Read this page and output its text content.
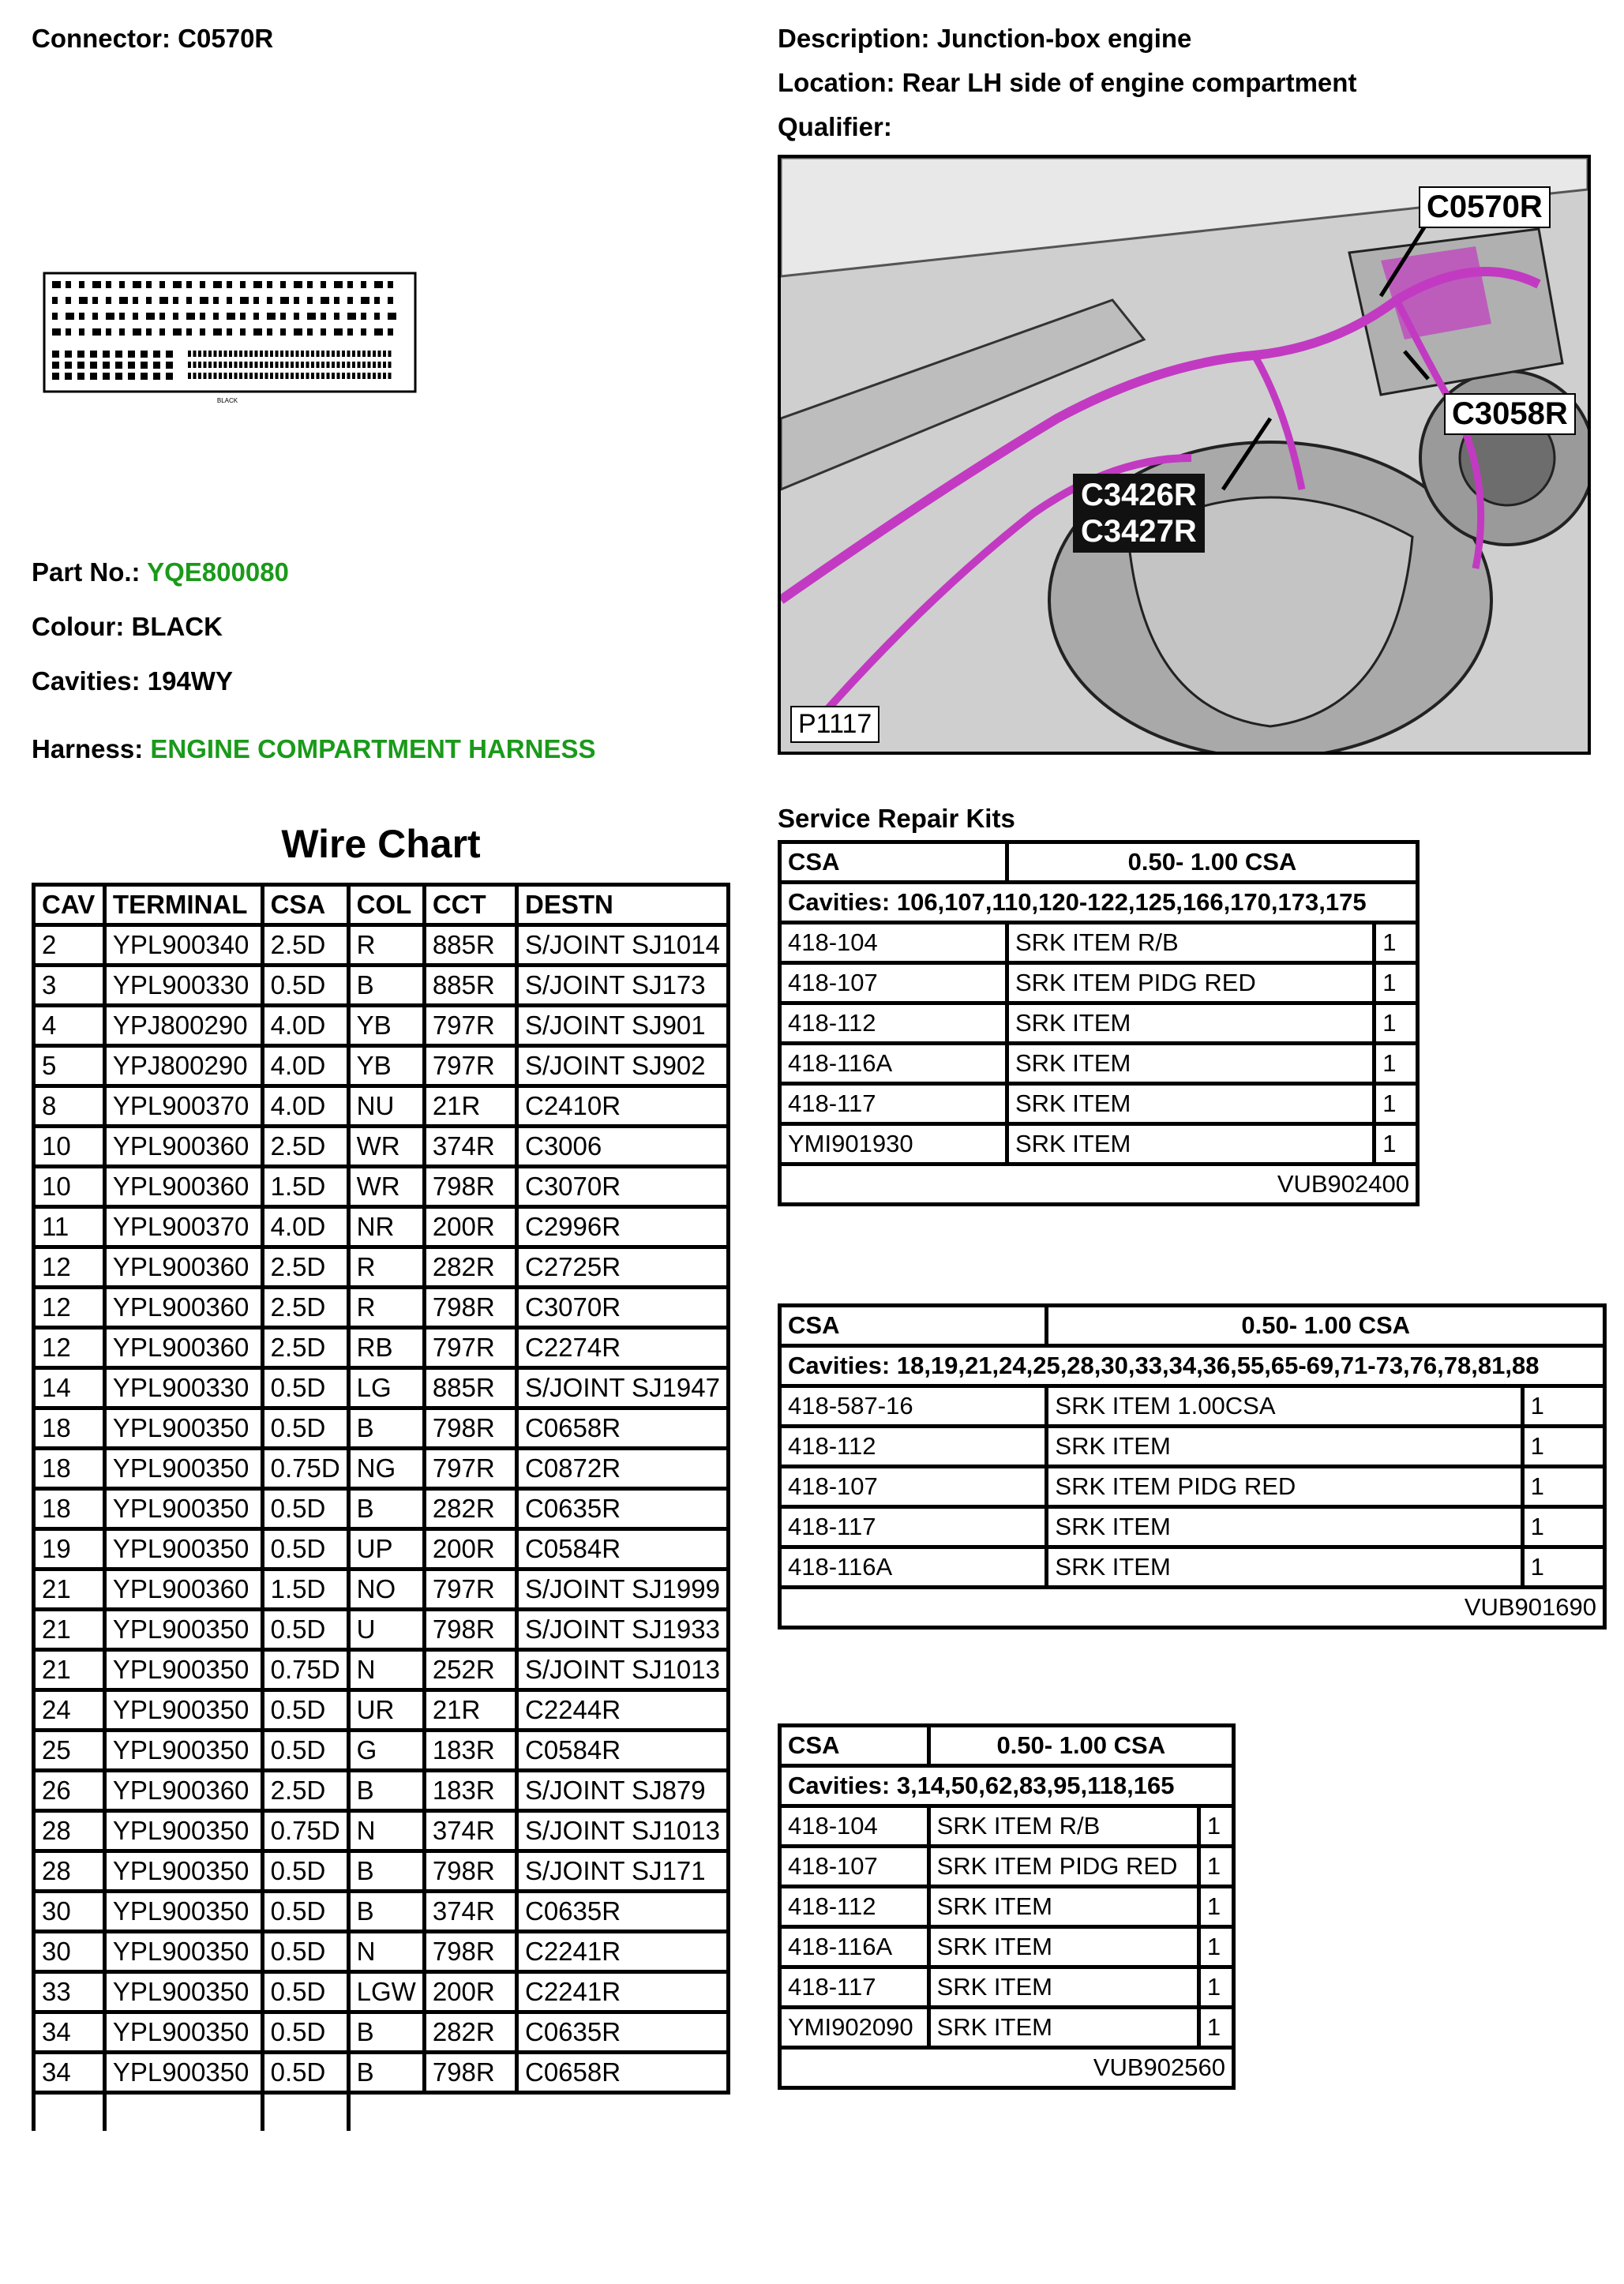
Connector: C0570R	Description: Junction-box engine
Location: Rear LH side of engine compartment
Qualifier:
BLACK
Part No.: YQE800080
Colour: BLACK
Cavities: 194WY
Harness: ENGINE COMPARTMENT HARNESS
C0570R
C3058R
C3426R
C3427R
P1117
Wire Chart
CAV	TERMINAL	CSA	COL	CCT	DESTN
2	YPL900340	2.5D	R	885R	S/JOINT SJ1014
3	YPL900330	0.5D	B	885R	S/JOINT SJ173
4	YPJ800290	4.0D	YB	797R	S/JOINT SJ901
5	YPJ800290	4.0D	YB	797R	S/JOINT SJ902
8	YPL900370	4.0D	NU	21R	C2410R
10	YPL900360	2.5D	WR	374R	C3006
10	YPL900360	1.5D	WR	798R	C3070R
11	YPL900370	4.0D	NR	200R	C2996R
12	YPL900360	2.5D	R	282R	C2725R
12	YPL900360	2.5D	R	798R	C3070R
12	YPL900360	2.5D	RB	797R	C2274R
14	YPL900330	0.5D	LG	885R	S/JOINT SJ1947
18	YPL900350	0.5D	B	798R	C0658R
18	YPL900350	0.75D	NG	797R	C0872R
18	YPL900350	0.5D	B	282R	C0635R
19	YPL900350	0.5D	UP	200R	C0584R
21	YPL900360	1.5D	NO	797R	S/JOINT SJ1999
21	YPL900350	0.5D	U	798R	S/JOINT SJ1933
21	YPL900350	0.75D	N	252R	S/JOINT SJ1013
24	YPL900350	0.5D	UR	21R	C2244R
25	YPL900350	0.5D	G	183R	C0584R
26	YPL900360	2.5D	B	183R	S/JOINT SJ879
28	YPL900350	0.75D	N	374R	S/JOINT SJ1013
28	YPL900350	0.5D	B	798R	S/JOINT SJ171
30	YPL900350	0.5D	B	374R	C0635R
30	YPL900350	0.5D	N	798R	C2241R
33	YPL900350	0.5D	LGW	200R	C2241R
34	YPL900350	0.5D	B	282R	C0635R
34	YPL900350	0.5D	B	798R	C0658R

Service Repair Kits
CSA	0.50- 1.00 CSA	
Cavities: 106,107,110,120-122,125,166,170,173,175		
418-104	SRK ITEM R/B	1
418-107	SRK ITEM PIDG RED	1
418-112	SRK ITEM	1
418-116A	SRK ITEM	1
418-117	SRK ITEM	1
YMI901930	SRK ITEM	1
VUB902400		
CSA	0.50- 1.00 CSA	
Cavities: 18,19,21,24,25,28,30,33,34,36,55,65-69,71-73,76,78,81,88		
418-587-16	SRK ITEM 1.00CSA	1
418-112	SRK ITEM	1
418-107	SRK ITEM PIDG RED	1
418-117	SRK ITEM	1
418-116A	SRK ITEM	1
VUB901690		
CSA	0.50- 1.00 CSA	
Cavities: 3,14,50,62,83,95,118,165		
418-104	SRK ITEM R/B	1
418-107	SRK ITEM PIDG RED	1
418-112	SRK ITEM	1
418-116A	SRK ITEM	1
418-117	SRK ITEM	1
YMI902090	SRK ITEM	1
VUB902560		
